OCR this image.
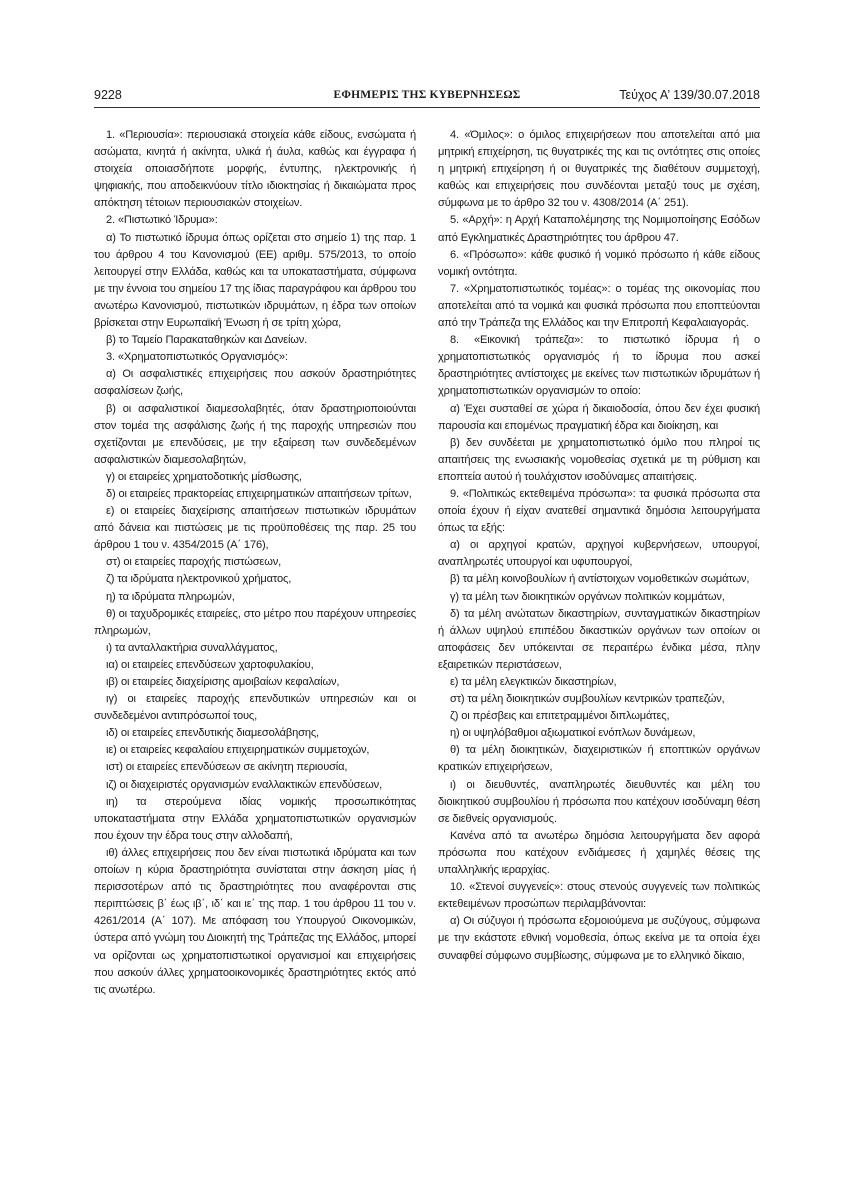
9228	ΕΦΗΜΕΡΙΣ ΤΗΣ ΚΥΒΕΡΝΗΣΕΩΣ	Τεύχος Α’ 139/30.07.2018

1. «Περιουσία»: περιουσιακά στοιχεία κάθε είδους, ενσώματα ή ασώματα, κινητά ή ακίνητα, υλικά ή άυλα, καθώς και έγγραφα ή στοιχεία οποιασδήποτε μορφής, έντυπης, ηλεκτρονικής ή ψηφιακής, που αποδεικνύουν τίτλο ιδιοκτησίας ή δικαιώματα προς απόκτηση τέτοιων περιουσιακών στοιχείων.

2. «Πιστωτικό Ίδρυμα»:

α) Το πιστωτικό ίδρυμα όπως ορίζεται στο σημείο 1) της παρ. 1 του άρθρου 4 του Κανονισμού (ΕΕ) αριθμ. 575/2013, το οποίο λειτουργεί στην Ελλάδα, καθώς και τα υποκαταστήματα, σύμφωνα με την έννοια του σημείου 17 της ίδιας παραγράφου και άρθρου του ανωτέρω Κανονισμού, πιστωτικών ιδρυμάτων, η έδρα των οποίων βρίσκεται στην Ευρωπαϊκή Ένωση ή σε τρίτη χώρα,

β) το Ταμείο Παρακαταθηκών και Δανείων.

3. «Χρηματοπιστωτικός Οργανισμός»:

α) Οι ασφαλιστικές επιχειρήσεις που ασκούν δραστηριότητες ασφαλίσεων ζωής,

β) οι ασφαλιστικοί διαμεσολαβητές, όταν δραστηριοποιούνται στον τομέα της ασφάλισης ζωής ή της παροχής υπηρεσιών που σχετίζονται με επενδύσεις, με την εξαίρεση των συνδεδεμένων ασφαλιστικών διαμεσολαβητών,

γ) οι εταιρείες χρηματοδοτικής μίσθωσης,

δ) οι εταιρείες πρακτορείας επιχειρηματικών απαιτήσεων τρίτων,

ε) οι εταιρείες διαχείρισης απαιτήσεων πιστωτικών ιδρυμάτων από δάνεια και πιστώσεις με τις προϋποθέσεις της παρ. 25 του άρθρου 1 του ν. 4354/2015 (Α΄ 176),

στ) οι εταιρείες παροχής πιστώσεων,

ζ) τα ιδρύματα ηλεκτρονικού χρήματος,

η) τα ιδρύματα πληρωμών,

θ) οι ταχυδρομικές εταιρείες, στο μέτρο που παρέχουν υπηρεσίες πληρωμών,

ι) τα ανταλλακτήρια συναλλάγματος,

ια) οι εταιρείες επενδύσεων χαρτοφυλακίου,

ιβ) οι εταιρείες διαχείρισης αμοιβαίων κεφαλαίων,

ιγ) οι εταιρείες παροχής επενδυτικών υπηρεσιών και οι συνδεδεμένοι αντιπρόσωποί τους,

ιδ) οι εταιρείες επενδυτικής διαμεσολάβησης,

ιε) οι εταιρείες κεφαλαίου επιχειρηματικών συμμετοχών,

ιστ) οι εταιρείες επενδύσεων σε ακίνητη περιουσία,

ιζ) οι διαχειριστές οργανισμών εναλλακτικών επενδύσεων,

ιη) τα στερούμενα ιδίας νομικής προσωπικότητας υποκαταστήματα στην Ελλάδα χρηματοπιστωτικών οργανισμών που έχουν την έδρα τους στην αλλοδαπή,

ιθ) άλλες επιχειρήσεις που δεν είναι πιστωτικά ιδρύματα και των οποίων η κύρια δραστηριότητα συνίσταται στην άσκηση μίας ή περισσοτέρων από τις δραστηριότητες που αναφέρονται στις περιπτώσεις β΄ έως ιβ΄, ιδ΄ και ιε΄ της παρ. 1 του άρθρου 11 του ν. 4261/2014 (Α΄ 107). Με απόφαση του Υπουργού Οικονομικών, ύστερα από γνώμη του Διοικητή της Τράπεζας της Ελλάδος, μπορεί να ορίζονται ως χρηματοπιστωτικοί οργανισμοί και επιχειρήσεις που ασκούν άλλες χρηματοοικονομικές δραστηριότητες εκτός από τις ανωτέρω.

4. «Όμιλος»: ο όμιλος επιχειρήσεων που αποτελείται από μια μητρική επιχείρηση, τις θυγατρικές της και τις οντότητες στις οποίες η μητρική επιχείρηση ή οι θυγατρικές της διαθέτουν συμμετοχή, καθώς και επιχειρήσεις που συνδέονται μεταξύ τους με σχέση, σύμφωνα με το άρθρο 32 του ν. 4308/2014 (Α΄ 251).

5. «Αρχή»: η Αρχή Καταπολέμησης της Νομιμοποίησης Εσόδων από Εγκληματικές Δραστηριότητες του άρθρου 47.

6. «Πρόσωπο»: κάθε φυσικό ή νομικό πρόσωπο ή κάθε είδους νομική οντότητα.

7. «Χρηματοπιστωτικός τομέας»: ο τομέας της οικονομίας που αποτελείται από τα νομικά και φυσικά πρόσωπα που εποπτεύονται από την Τράπεζα της Ελλάδος και την Επιτροπή Κεφαλαιαγοράς.

8. «Εικονική τράπεζα»: το πιστωτικό ίδρυμα ή ο χρηματοπιστωτικός οργανισμός ή το ίδρυμα που ασκεί δραστηριότητες αντίστοιχες με εκείνες των πιστωτικών ιδρυμάτων ή χρηματοπιστωτικών οργανισμών το οποίο:

α) Έχει συσταθεί σε χώρα ή δικαιοδοσία, όπου δεν έχει φυσική παρουσία και επομένως πραγματική έδρα και διοίκηση, και

β) δεν συνδέεται με χρηματοπιστωτικό όμιλο που πληροί τις απαιτήσεις της ενωσιακής νομοθεσίας σχετικά με τη ρύθμιση και εποπτεία αυτού ή τουλάχιστον ισοδύναμες απαιτήσεις.

9. «Πολιτικώς εκτεθειμένα πρόσωπα»: τα φυσικά πρόσωπα στα οποία έχουν ή είχαν ανατεθεί σημαντικά δημόσια λειτουργήματα όπως τα εξής:

α) οι αρχηγοί κρατών, αρχηγοί κυβερνήσεων, υπουργοί, αναπληρωτές υπουργοί και υφυπουργοί,

β) τα μέλη κοινοβουλίων ή αντίστοιχων νομοθετικών σωμάτων,

γ) τα μέλη των διοικητικών οργάνων πολιτικών κομμάτων,

δ) τα μέλη ανώτατων δικαστηρίων, συνταγματικών δικαστηρίων ή άλλων υψηλού επιπέδου δικαστικών οργάνων των οποίων οι αποφάσεις δεν υπόκεινται σε περαιτέρω ένδικα μέσα, πλην εξαιρετικών περιστάσεων,

ε) τα μέλη ελεγκτικών δικαστηρίων,

στ) τα μέλη διοικητικών συμβουλίων κεντρικών τραπεζών,

ζ) οι πρέσβεις και επιτετραμμένοι διπλωμάτες,

η) οι υψηλόβαθμοι αξιωματικοί ενόπλων δυνάμεων,

θ) τα μέλη διοικητικών, διαχειριστικών ή εποπτικών οργάνων κρατικών επιχειρήσεων,

ι) οι διευθυντές, αναπληρωτές διευθυντές και μέλη του διοικητικού συμβουλίου ή πρόσωπα που κατέχουν ισοδύναμη θέση σε διεθνείς οργανισμούς.

Κανένα από τα ανωτέρω δημόσια λειτουργήματα δεν αφορά πρόσωπα που κατέχουν ενδιάμεσες ή χαμηλές θέσεις της υπαλληλικής ιεραρχίας.

10. «Στενοί συγγενείς»: στους στενούς συγγενείς των πολιτικώς εκτεθειμένων προσώπων περιλαμβάνονται:

α) Οι σύζυγοι ή πρόσωπα εξομοιούμενα με συζύγους, σύμφωνα με την εκάστοτε εθνική νομοθεσία, όπως εκείνα με τα οποία έχει συναφθεί σύμφωνο συμβίωσης, σύμφωνα με το ελληνικό δίκαιο,
